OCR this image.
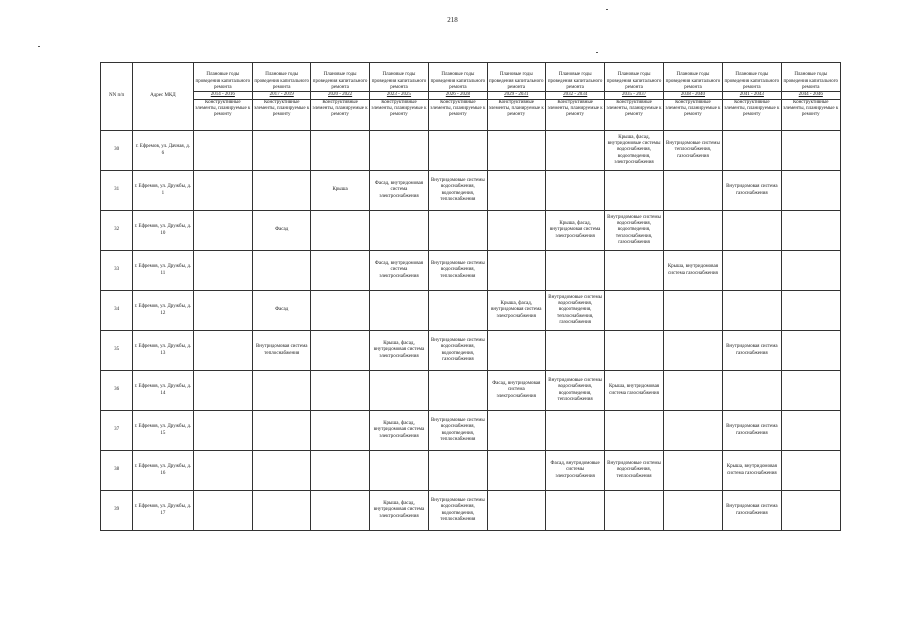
218
NN п/п	Адрес МКД	Плановые годы проведения капитального ремонта	Плановые годы проведения капитального ремонта	Плановые годы проведения капитального ремонта	Плановые годы проведения капитального ремонта	Плановые годы проведения капитального ремонта	Плановые годы проведения капитального ремонта	Плановые годы проведения капитального ремонта	Плановые годы проведения капитального ремонта	Плановые годы проведения капитального ремонта	Плановые годы проведения капитального ремонта	Плановые годы проведения капитального ремонта
		2014 - 2016	2017 - 2019	2020 - 2022	2023 - 2025	2026 - 2028	2029 - 2031	2032 - 2034	2035 - 2037	2038 - 2040	2041 - 2043	2044 - 2046
		Конструктивные элементы, планируемые к ремонту	Конструктивные элементы, планируемые к ремонту	Конструктивные элементы, планируемые к ремонту	Конструктивные элементы, планируемые к ремонту	Конструктивные элементы, планируемые к ремонту	Конструктивные элементы, планируемые к ремонту	Конструктивные элементы, планируемые к ремонту	Конструктивные элементы, планируемые к ремонту	Конструктивные элементы, планируемые к ремонту	Конструктивные элементы, планируемые к ремонту	Конструктивные элементы, планируемые к ремонту
30	г. Ефремов, ул. Дачная, д. 6								Крыша, фасад, внутридомовые системы водоснабжения, водоотведения, электроснабжения	Внутридомовые системы теплоснабжения, газоснабжения		
31	г. Ефремов, ул. Дружбы, д. 1			Крыша	Фасад, внутридомовая система электроснабжения	Внутридомовые системы водоснабжения, водоотведения, теплоснабжения					Внутридомовая система газоснабжения	
32	г. Ефремов, ул. Дружбы, д. 10		Фасад					Крыша, фасад, внутридомовая система электроснабжения	Внутридомовые системы водоснабжения, водоотведения, теплоснабжения, газоснабжения			
33	г. Ефремов, ул. Дружбы, д. 11				Фасад, внутридомовая система электроснабжения	Внутридомовые системы водоснабжения, теплоснабжения				Крыша, внутридомовая система газоснабжения		
34	г. Ефремов, ул. Дружбы, д. 12		Фасад				Крыша, фасад, внутридомовая система электроснабжения	Внутридомовые системы водоснабжения, водоотведения, теплоснабжения, газоснабжения				
35	г. Ефремов, ул. Дружбы, д. 13		Внутридомовая система теплоснабжения		Крыша, фасад, внутридомовая система электроснабжения	Внутридомовые системы водоснабжения, водоотведения, газоснабжения					Внутридомовая система газоснабжения	
36	г. Ефремов, ул. Дружбы, д. 14						Фасад, внутридомовая система электроснабжения	Внутридомовые системы водоснабжения, водоотведения, теплоснабжения	Крыша, внутридомовая система газоснабжения			
37	г. Ефремов, ул. Дружбы, д. 15				Крыша, фасад, внутридомовая система электроснабжения	Внутридомовые системы водоснабжения, водоотведения, теплоснабжения					Внутридомовая система газоснабжения	
38	г. Ефремов, ул. Дружбы, д. 16							Фасад, внутридомовые системы электроснабжения	Внутридомовые системы водоснабжения, теплоснабжения		Крыша, внутридомовая система газоснабжения	
39	г. Ефремов, ул. Дружбы, д. 17				Крыша, фасад, внутридомовая система электроснабжения	Внутридомовые системы водоснабжения, водоотведения, теплоснабжения					Внутридомовая система газоснабжения	
